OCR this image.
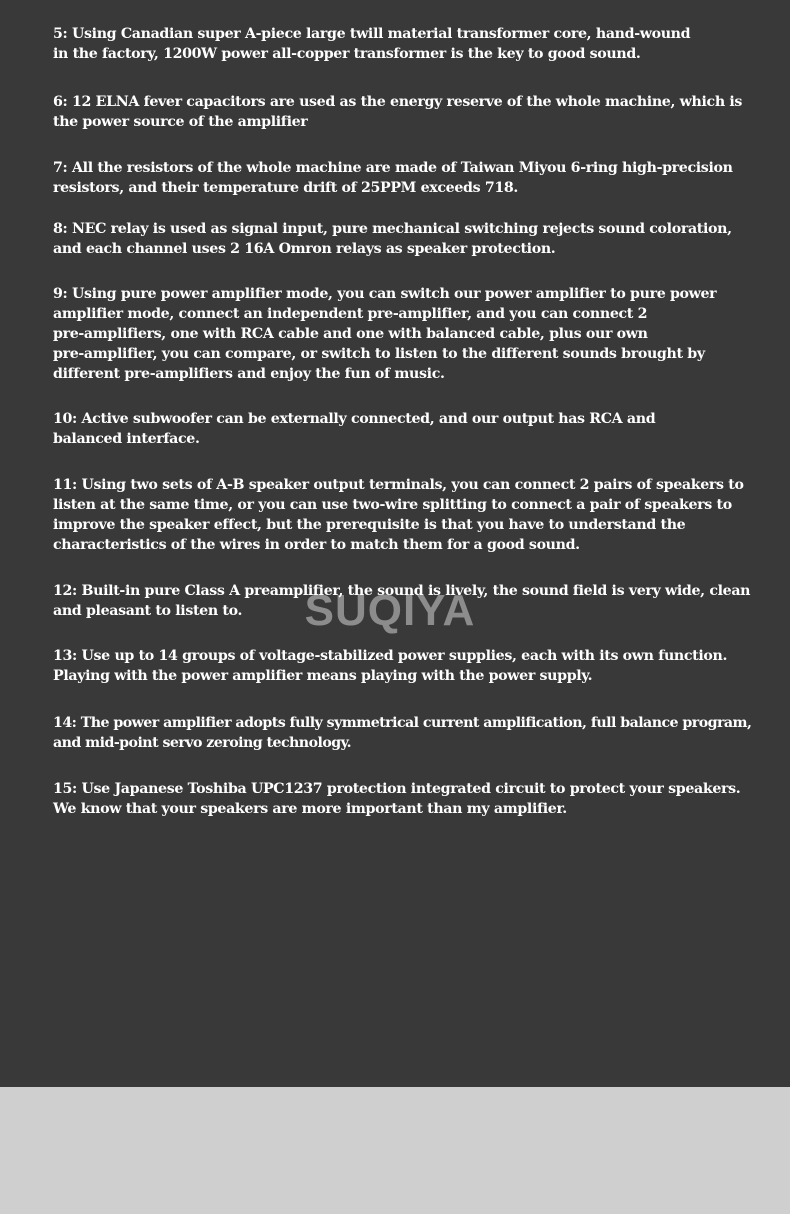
SUQIYA

5: Using Canadian super A-piece large twill material transformer core, hand-wound
in the factory, 1200W power all-copper transformer is the key to good sound.

6: 12 ELNA fever capacitors are used as the energy reserve of the whole machine, which is
the power source of the amplifier

7: All the resistors of the whole machine are made of Taiwan Miyou 6-ring high-precision
resistors, and their temperature drift of 25PPM exceeds 718.

8: NEC relay is used as signal input, pure mechanical switching rejects sound coloration,
and each channel uses 2 16A Omron relays as speaker protection.

9: Using pure power amplifier mode, you can switch our power amplifier to pure power
amplifier mode, connect an independent pre-amplifier, and you can connect 2
pre-amplifiers, one with RCA cable and one with balanced cable, plus our own
pre-amplifier, you can compare, or switch to listen to the different sounds brought by
different pre-amplifiers and enjoy the fun of music.

10: Active subwoofer can be externally connected, and our output has RCA and
balanced interface.

11: Using two sets of A-B speaker output terminals, you can connect 2 pairs of speakers to
listen at the same time, or you can use two-wire splitting to connect a pair of speakers to
improve the speaker effect, but the prerequisite is that you have to understand the
characteristics of the wires in order to match them for a good sound.

12: Built-in pure Class A preamplifier, the sound is lively, the sound field is very wide, clean
and pleasant to listen to.

13: Use up to 14 groups of voltage-stabilized power supplies, each with its own function.
Playing with the power amplifier means playing with the power supply.

14: The power amplifier adopts fully symmetrical current amplification, full balance program,
and mid-point servo zeroing technology.

15: Use Japanese Toshiba UPC1237 protection integrated circuit to protect your speakers.
We know that your speakers are more important than my amplifier.
